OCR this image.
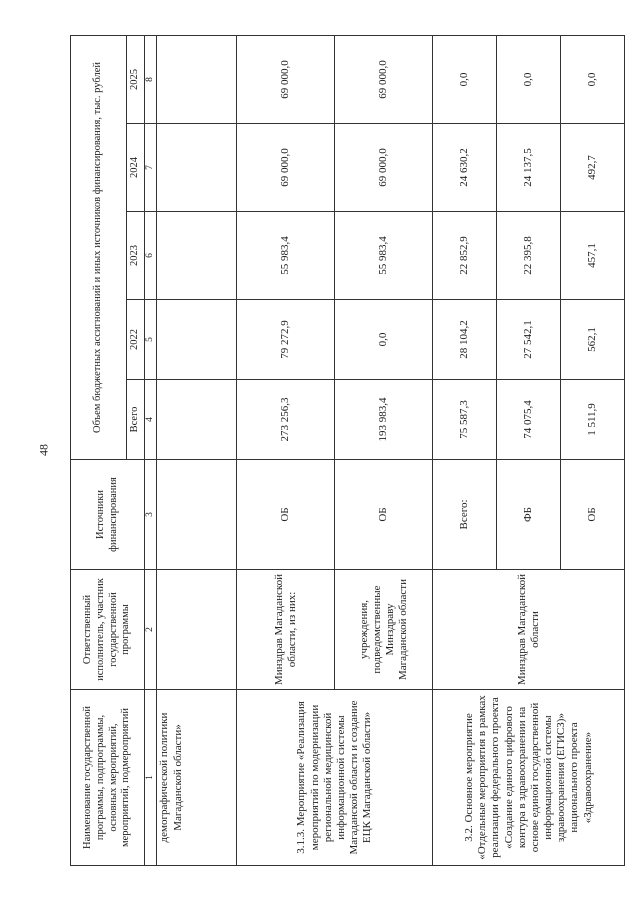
48
Наименование государственной программы, подпрограммы, основных мероприятий, мероприятий, подмероприятий	Ответственный исполнитель, участник государственной программы	Источники финансирования	Объем бюджетных ассигнований и иных источников финансирования, тыс. рублей				
			Всего	2022	2023	2024	2025
1	2	3	4	5	6	7	8
демографической политики Магаданской области»							
3.1.3. Мероприятие «Реализация мероприятий по модернизации региональной медицинской информационной системы Магаданской области и создание ЕЦК Магаданской области»	Минздрав Магаданской области, из них:	ОБ	273 256,3	79 272,9	55 983,4	69 000,0	69 000,0
	учреждения, подведомственные Минздраву Магаданской области	ОБ	193 983,4	0,0	55 983,4	69 000,0	69 000,0
3.2. Основное мероприятие «Отдельные мероприятия в рамках реализации федерального проекта «Создание единого цифрового контура в здравоохранении на основе единой государственной информационной системы здравоохранения (ЕГИСЗ)» национального проекта «Здравоохранение»	Минздрав Магаданской области	Всего:	75 587,3	28 104,2	22 852,9	24 630,2	0,0
		ФБ	74 075,4	27 542,1	22 395,8	24 137,5	0,0
		ОБ	1 511,9	562,1	457,1	492,7	0,0
